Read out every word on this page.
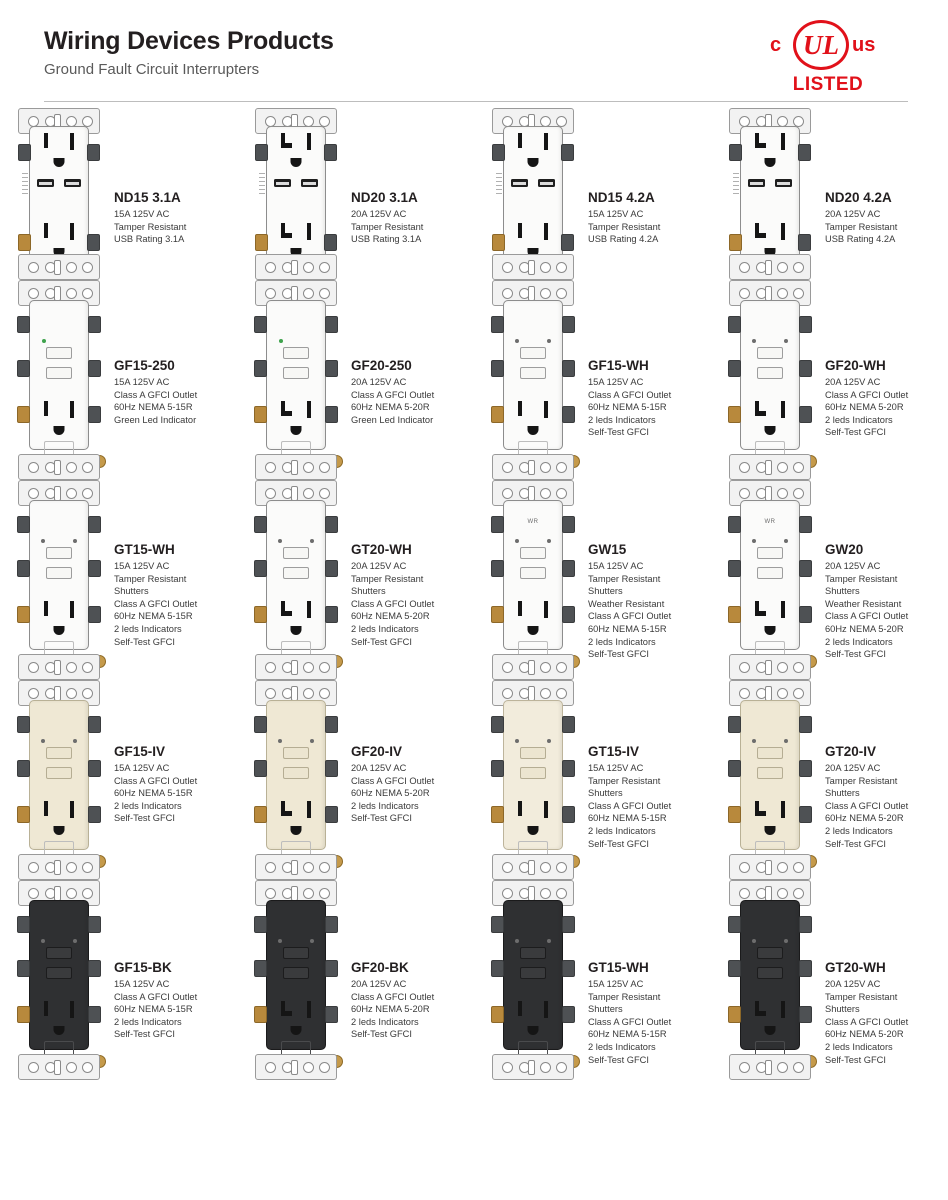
Wiring Devices Products
Ground Fault Circuit Interrupters
c UL us
LISTED
ND15 3.1A
15A 125V AC
Tamper Resistant
USB Rating 3.1A
ND20 3.1A
20A 125V AC
Tamper Resistant
USB Rating 3.1A
ND15 4.2A
15A 125V AC
Tamper Resistant
USB Rating 4.2A
ND20 4.2A
20A 125V AC
Tamper Resistant
USB Rating 4.2A
GF15-250
15A 125V AC
Class A GFCI Outlet
60Hz NEMA 5-15R
Green Led Indicator
GF20-250
20A 125V AC
Class A GFCI Outlet
60Hz NEMA 5-20R
Green Led Indicator
GF15-WH
15A 125V AC
Class A GFCI Outlet
60Hz NEMA 5-15R
2 leds Indicators
Self-Test GFCI
GF20-WH
20A 125V AC
Class A GFCI Outlet
60Hz NEMA 5-20R
2 leds Indicators
Self-Test GFCI
GT15-WH
15A 125V AC
Tamper Resistant
Shutters
Class A GFCI Outlet
60Hz NEMA 5-15R
2 leds Indicators
Self-Test GFCI
GT20-WH
20A 125V AC
Tamper Resistant
Shutters
Class A GFCI Outlet
60Hz NEMA 5-20R
2 leds Indicators
Self-Test GFCI
WR
GW15
15A 125V AC
Tamper Resistant
Shutters
Weather Resistant
Class A GFCI Outlet
60Hz NEMA 5-15R
2 leds Indicators
Self-Test GFCI
WR
GW20
20A 125V AC
Tamper Resistant
Shutters
Weather Resistant
Class A GFCI Outlet
60Hz NEMA 5-20R
2 leds Indicators
Self-Test GFCI
GF15-IV
15A 125V AC
Class A GFCI Outlet
60Hz NEMA 5-15R
2 leds Indicators
Self-Test GFCI
GF20-IV
20A 125V AC
Class A GFCI Outlet
60Hz NEMA 5-20R
2 leds Indicators
Self-Test GFCI
GT15-IV
15A 125V AC
Tamper Resistant
Shutters
Class A GFCI Outlet
60Hz NEMA 5-15R
2 leds Indicators
Self-Test GFCI
GT20-IV
20A 125V AC
Tamper Resistant
Shutters
Class A GFCI Outlet
60Hz NEMA 5-20R
2 leds Indicators
Self-Test GFCI
GF15-BK
15A 125V AC
Class A GFCI Outlet
60Hz NEMA 5-15R
2 leds Indicators
Self-Test GFCI
GF20-BK
20A 125V AC
Class A GFCI Outlet
60Hz NEMA 5-20R
2 leds Indicators
Self-Test GFCI
GT15-WH
15A 125V AC
Tamper Resistant
Shutters
Class A GFCI Outlet
60Hz NEMA 5-15R
2 leds Indicators
Self-Test GFCI
GT20-WH
20A 125V AC
Tamper Resistant
Shutters
Class A GFCI Outlet
60Hz NEMA 5-20R
2 leds Indicators
Self-Test GFCI
